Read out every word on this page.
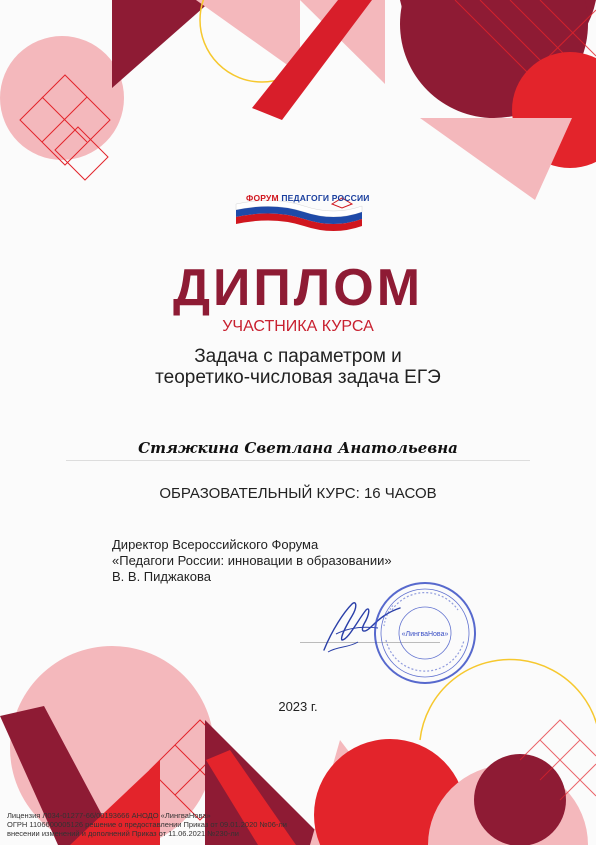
ФОРУМ ПЕДАГОГИ РОССИИ
ДИПЛОМ
УЧАСТНИКА КУРСА
Задача с параметром и
теоретико-числовая задача ЕГЭ
Стяжкина Светлана Анатольевна
ОБРАЗОВАТЕЛЬНЫЙ КУРС: 16 ЧАСОВ
Директор Всероссийского Форума
«Педагоги России: инновации в образовании»
В. В. Пиджакова
«ЛингваНова»
2023 г.
Лицензия Л034-01277-66/00193666 АНОДО «ЛингваНова»
ОГРН 1106600005126 решение о предоставлении Приказ от 09.01.2020 №06-ли
внесении изменений и дополнений Приказ от 11.06.2021 №230-ли
